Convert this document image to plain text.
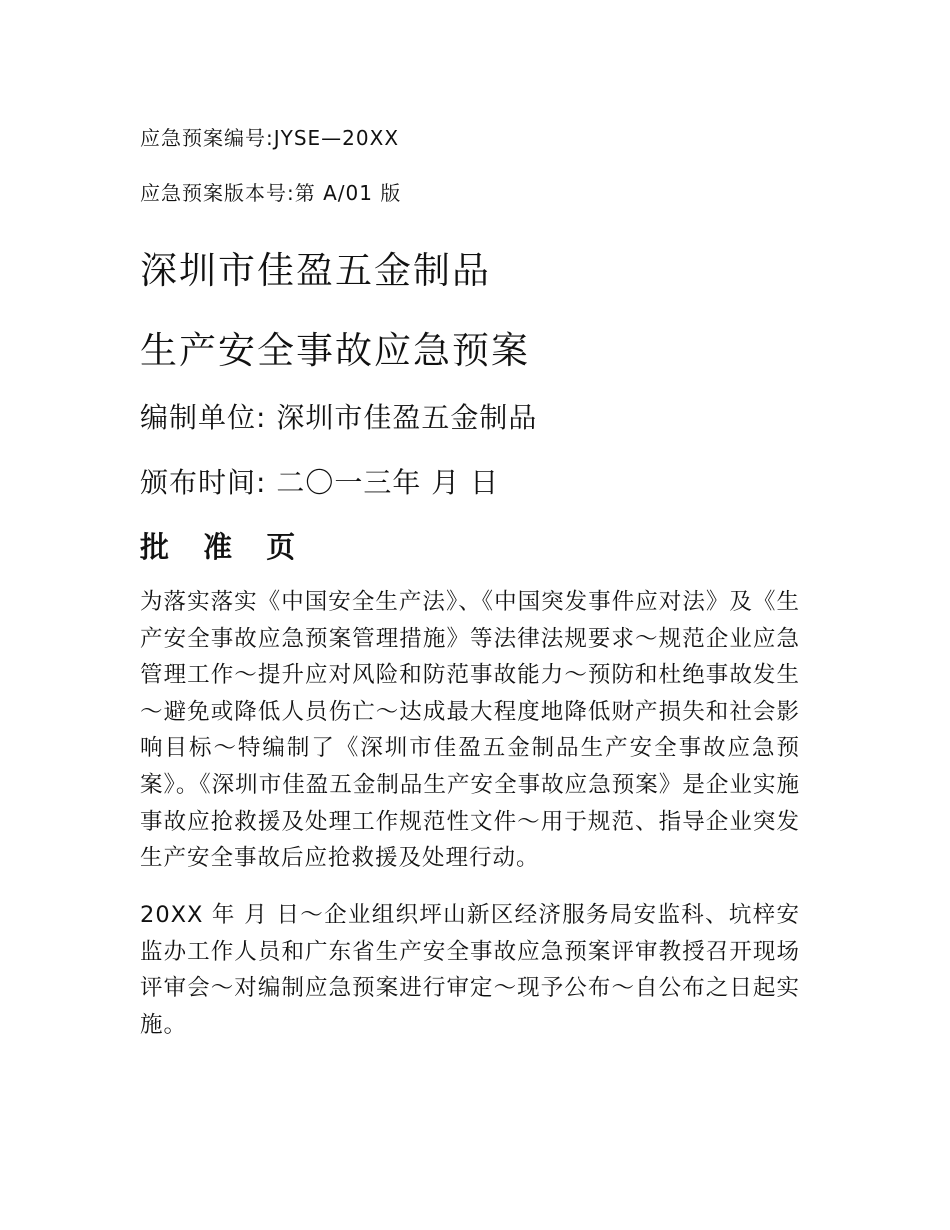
应急预案编号:JYSE—20XX

应急预案版本号:第 A/01 版

深圳市佳盈五金制品
生产安全事故应急预案

编制单位: 深圳市佳盈五金制品

颁布时间: 二〇一三年 月 日

批 准 页

为落实落实《中国安全生产法》、《中国突发事件应对法》及《生产安全事故应急预案管理措施》等法律法规要求～规范企业应急管理工作～提升应对风险和防范事故能力～预防和杜绝事故发生～避免或降低人员伤亡～达成最大程度地降低财产损失和社会影响目标～特编制了《深圳市佳盈五金制品生产安全事故应急预案》。《深圳市佳盈五金制品生产安全事故应急预案》是企业实施事故应抢救援及处理工作规范性文件～用于规范、指导企业突发生产安全事故后应抢救援及处理行动。

20XX 年 月 日～企业组织坪山新区经济服务局安监科、坑梓安监办工作人员和广东省生产安全事故应急预案评审教授召开现场评审会～对编制应急预案进行审定～现予公布～自公布之日起实施。
